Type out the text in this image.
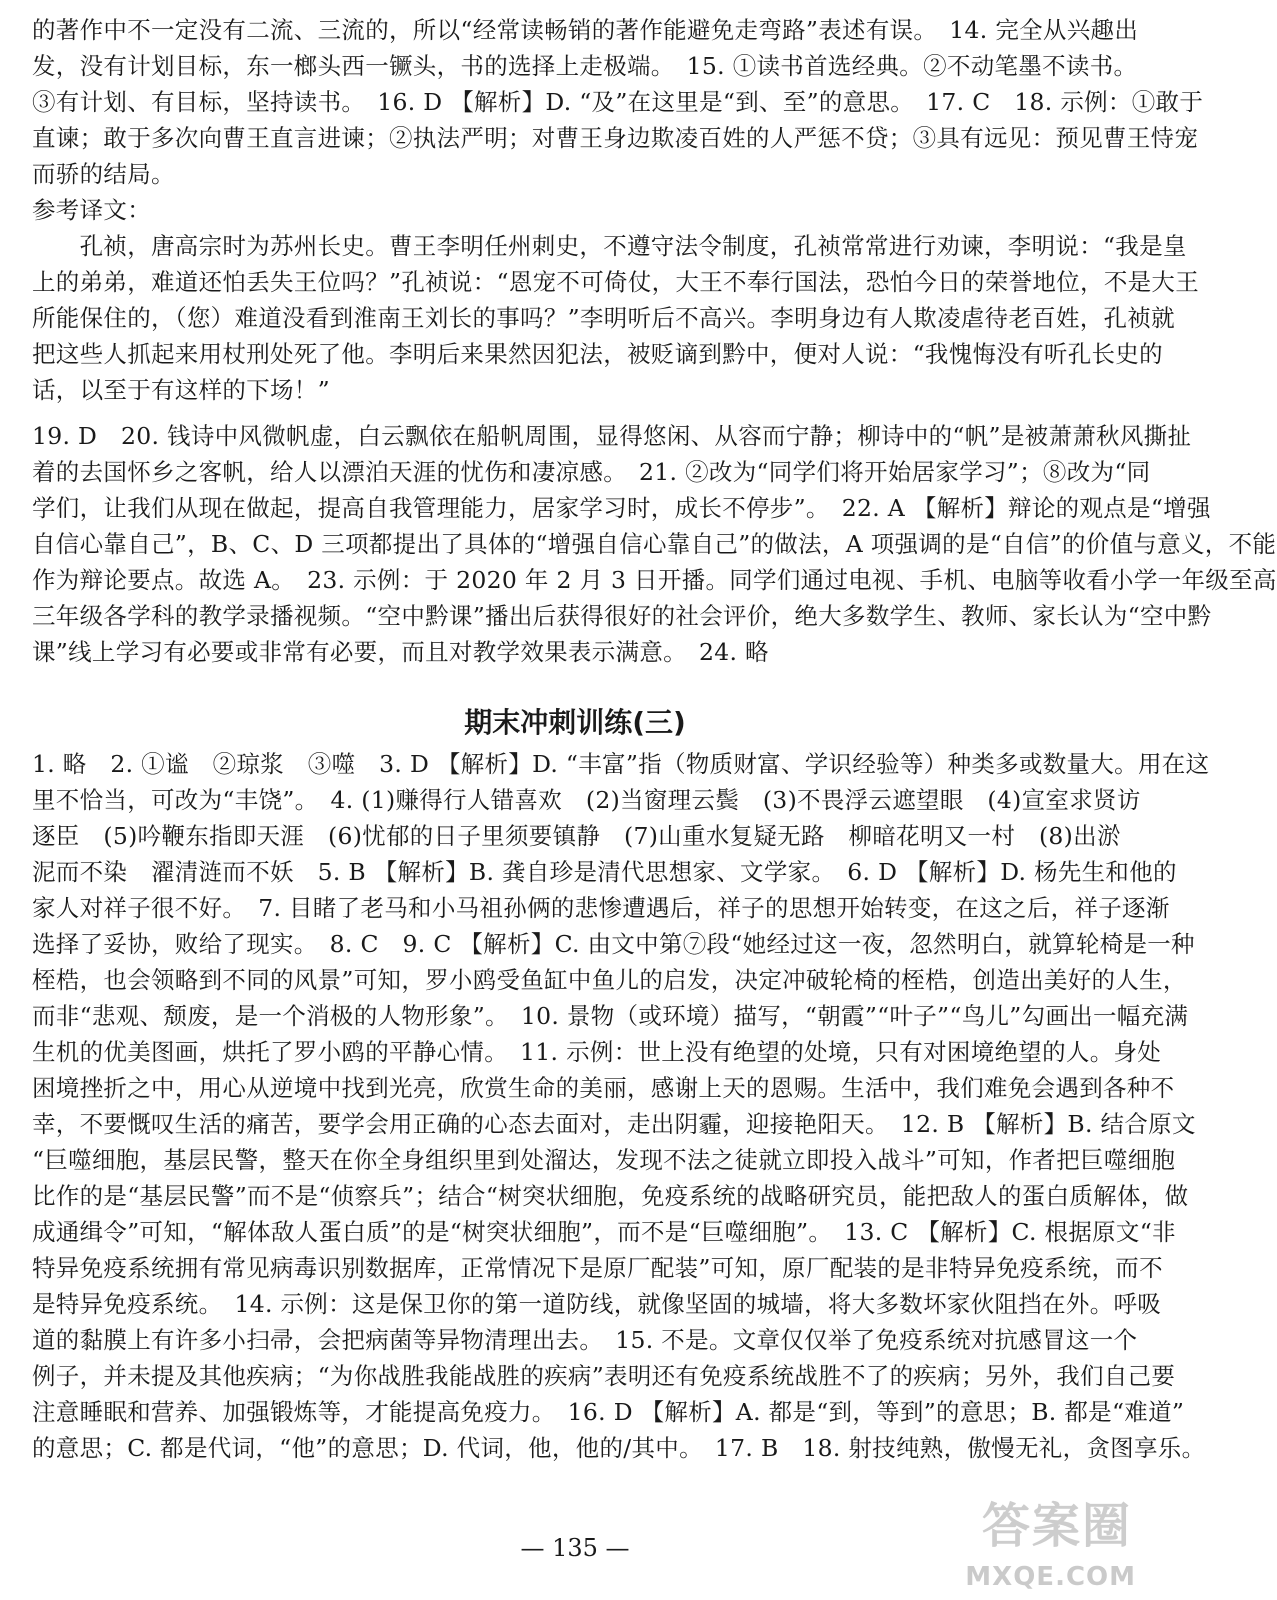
的著作中不一定没有二流、三流的，所以“经常读畅销的著作能避免走弯路”表述有误。　14. 完全从兴趣出
发，没有计划目标，东一榔头西一镢头，书的选择上走极端。　15. ①读书首选经典。②不动笔墨不读书。
③有计划、有目标，坚持读书。　16. D 【解析】D. “及”在这里是“到、至”的意思。　17. C　18. 示例：①敢于
直谏；敢于多次向曹王直言进谏；②执法严明；对曹王身边欺凌百姓的人严惩不贷；③具有远见：预见曹王恃宠
而骄的结局。
参考译文：
　　孔祯，唐高宗时为苏州长史。曹王李明任州刺史，不遵守法令制度，孔祯常常进行劝谏，李明说：“我是皇
上的弟弟，难道还怕丢失王位吗？”孔祯说：“恩宠不可倚仗，大王不奉行国法，恐怕今日的荣誉地位，不是大王
所能保住的，（您）难道没看到淮南王刘长的事吗？”李明听后不高兴。李明身边有人欺凌虐待老百姓，孔祯就
把这些人抓起来用杖刑处死了他。李明后来果然因犯法，被贬谪到黔中，便对人说：“我愧悔没有听孔长史的
话，以至于有这样的下场！”
19. D　20. 钱诗中风微帆虚，白云飘依在船帆周围，显得悠闲、从容而宁静；柳诗中的“帆”是被萧萧秋风撕扯
着的去国怀乡之客帆，给人以漂泊天涯的忧伤和凄凉感。　21. ②改为“同学们将开始居家学习”；⑧改为“同
学们，让我们从现在做起，提高自我管理能力，居家学习时，成长不停步”。　22. A 【解析】辩论的观点是“增强
自信心靠自己”，B、C、D 三项都提出了具体的“增强自信心靠自己”的做法，A 项强调的是“自信”的价值与意义，不能
作为辩论要点。故选 A。　23. 示例：于 2020 年 2 月 3 日开播。同学们通过电视、手机、电脑等收看小学一年级至高
三年级各学科的教学录播视频。“空中黔课”播出后获得很好的社会评价，绝大多数学生、教师、家长认为“空中黔
课”线上学习有必要或非常有必要，而且对教学效果表示满意。　24. 略
期末冲刺训练(三)
1. 略　2. ①谧　②琼浆　③噬　3. D 【解析】D. “丰富”指（物质财富、学识经验等）种类多或数量大。用在这
里不恰当，可改为“丰饶”。　4. (1)赚得行人错喜欢　(2)当窗理云鬓　(3)不畏浮云遮望眼　(4)宣室求贤访
逐臣　(5)吟鞭东指即天涯　(6)忧郁的日子里须要镇静　(7)山重水复疑无路　柳暗花明又一村　(8)出淤
泥而不染　濯清涟而不妖　5. B 【解析】B. 龚自珍是清代思想家、文学家。　6. D 【解析】D. 杨先生和他的
家人对祥子很不好。　7. 目睹了老马和小马祖孙俩的悲惨遭遇后，祥子的思想开始转变，在这之后，祥子逐渐
选择了妥协，败给了现实。　8. C　9. C 【解析】C. 由文中第⑦段“她经过这一夜，忽然明白，就算轮椅是一种
桎梏，也会领略到不同的风景”可知，罗小鸥受鱼缸中鱼儿的启发，决定冲破轮椅的桎梏，创造出美好的人生，
而非“悲观、颓废，是一个消极的人物形象”。　10. 景物（或环境）描写，“朝霞”“叶子”“鸟儿”勾画出一幅充满
生机的优美图画，烘托了罗小鸥的平静心情。　11. 示例：世上没有绝望的处境，只有对困境绝望的人。身处
困境挫折之中，用心从逆境中找到光亮，欣赏生命的美丽，感谢上天的恩赐。生活中，我们难免会遇到各种不
幸，不要慨叹生活的痛苦，要学会用正确的心态去面对，走出阴霾，迎接艳阳天。　12. B 【解析】B. 结合原文
“巨噬细胞，基层民警，整天在你全身组织里到处溜达，发现不法之徒就立即投入战斗”可知，作者把巨噬细胞
比作的是“基层民警”而不是“侦察兵”；结合“树突状细胞，免疫系统的战略研究员，能把敌人的蛋白质解体，做
成通缉令”可知，“解体敌人蛋白质”的是“树突状细胞”，而不是“巨噬细胞”。　13. C 【解析】C. 根据原文“非
特异免疫系统拥有常见病毒识别数据库，正常情况下是原厂配装”可知，原厂配装的是非特异免疫系统，而不
是特异免疫系统。　14. 示例：这是保卫你的第一道防线，就像坚固的城墙，将大多数坏家伙阻挡在外。呼吸
道的黏膜上有许多小扫帚，会把病菌等异物清理出去。　15. 不是。文章仅仅举了免疫系统对抗感冒这一个
例子，并未提及其他疾病；“为你战胜我能战胜的疾病”表明还有免疫系统战胜不了的疾病；另外，我们自己要
注意睡眠和营养、加强锻炼等，才能提高免疫力。　16. D 【解析】A. 都是“到，等到”的意思；B. 都是“难道”
的意思；C. 都是代词，“他”的意思；D. 代词，他，他的/其中。　17. B　18. 射技纯熟，傲慢无礼，贪图享乐。
— 135 —	答案圈
MXQE.COM
